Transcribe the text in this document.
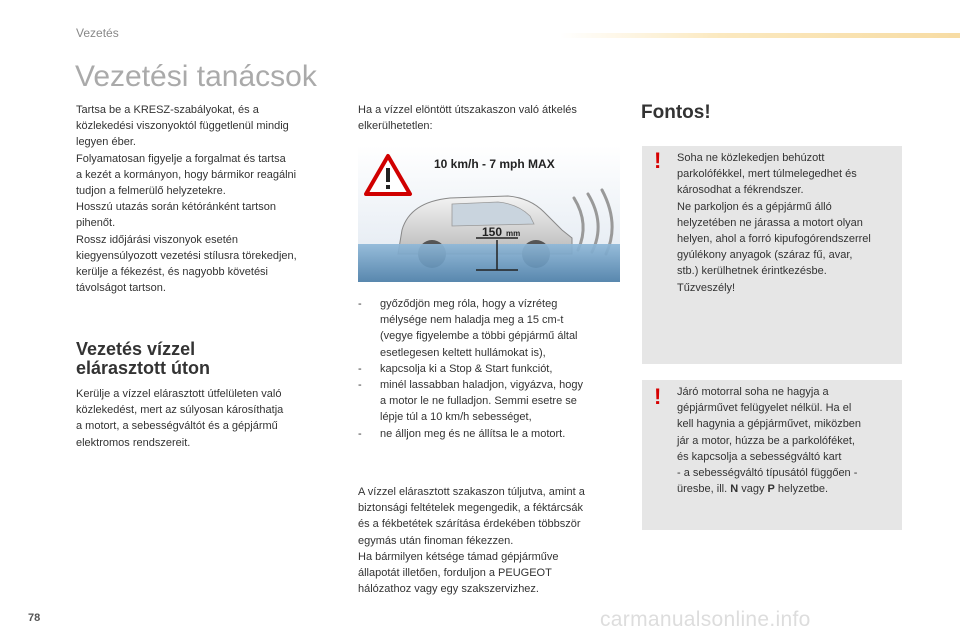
Vezetés
Vezetési tanácsok
Tartsa be a KRESZ-szabályokat, és a
közlekedési viszonyoktól függetlenül mindig
legyen éber.
Folyamatosan figyelje a forgalmat és tartsa
a kezét a kormányon, hogy bármikor reagálni
tudjon a felmerülő helyzetekre.
Hosszú utazás során kétóránként tartson
pihenőt.
Rossz időjárási viszonyok esetén
kiegyensúlyozott vezetési stílusra törekedjen,
kerülje a fékezést, és nagyobb követési
távolságot tartson.
Vezetés vízzel
elárasztott úton
Kerülje a vízzel elárasztott útfelületen való
közlekedést, mert az súlyosan károsíthatja
a motort, a sebességváltót és a gépjármű
elektromos rendszereit.
Ha a vízzel elöntött útszakaszon való átkelés
elkerülhetetlen:
10 km/h - 7 mph MAX
150 mm
- győződjön meg róla, hogy a vízréteg
mélysége nem haladja meg a 15 cm-t
(vegye figyelembe a többi gépjármű által
esetlegesen keltett hullámokat is),
- kapcsolja ki a Stop & Start funkciót,
- minél lassabban haladjon, vigyázva, hogy
a motor le ne fulladjon. Semmi esetre se
lépje túl a 10 km/h sebességet,
- ne álljon meg és ne állítsa le a motort.
A vízzel elárasztott szakaszon túljutva, amint a
biztonsági feltételek megengedik, a féktárcsák
és a fékbetétek szárítása érdekében többször
egymás után finoman fékezzen.
Ha bármilyen kétsége támad gépjárműve
állapotát illetően, forduljon a PEUGEOT
hálózathoz vagy egy szakszervizhez.
Fontos!
! Soha ne közlekedjen behúzott
parkolófékkel, mert túlmelegedhet és
károsodhat a fékrendszer.
Ne parkoljon és a gépjármű álló
helyzetében ne járassa a motort olyan
helyen, ahol a forró kipufogórendszerrel
gyúlékony anyagok (száraz fű, avar,
stb.) kerülhetnek érintkezésbe.
Tűzveszély!
! Járó motorral soha ne hagyja a
gépjárművet felügyelet nélkül. Ha el
kell hagynia a gépjárművet, miközben
jár a motor, húzza be a parkolóféket,
és kapcsolja a sebességváltó kart
- a sebességváltó típusától függően -
üresbe, ill. N vagy P helyzetbe.
78	carmanualsonline.info
